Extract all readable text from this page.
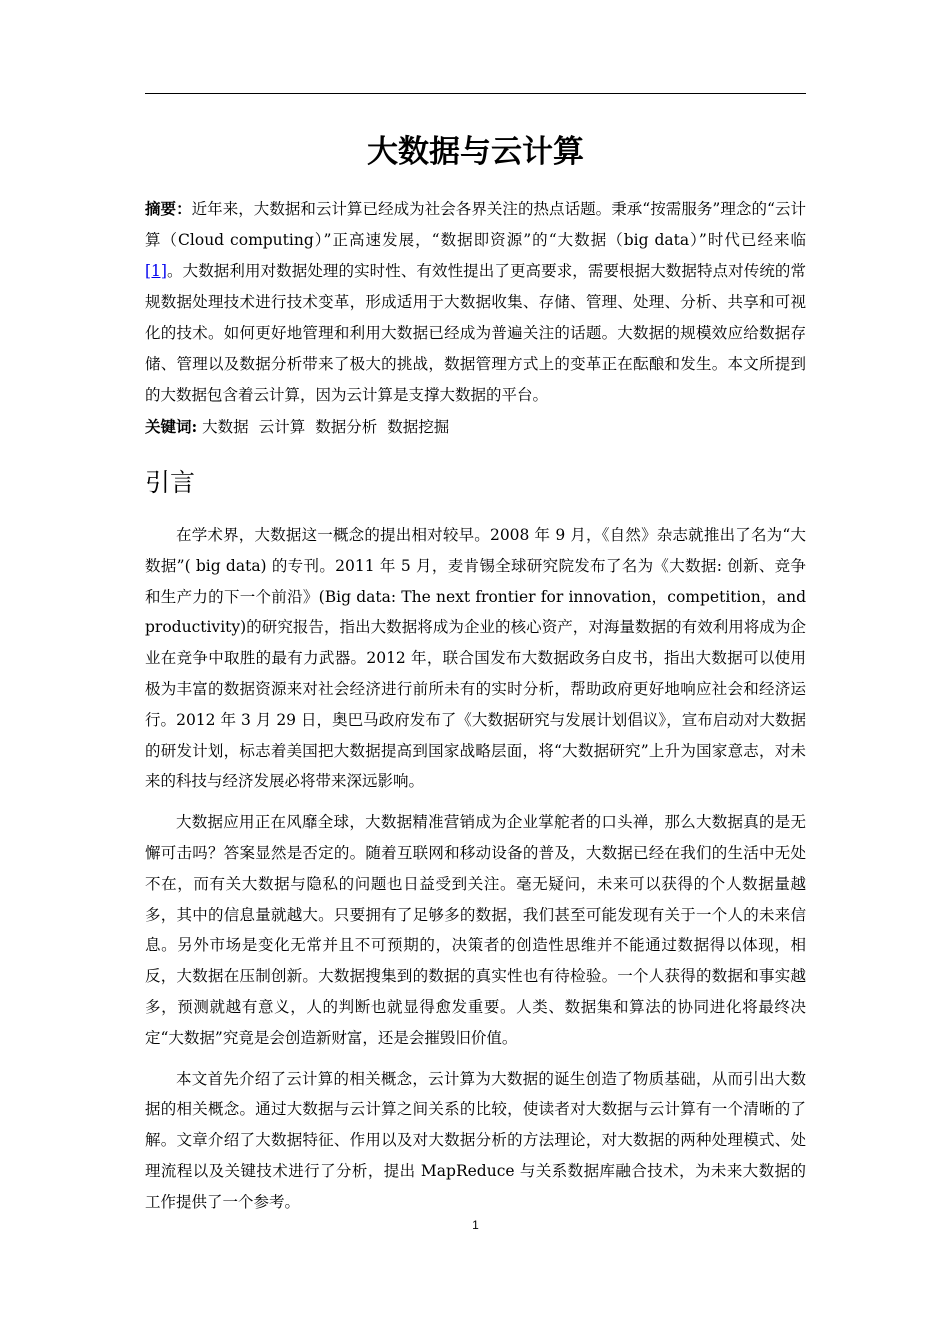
大数据与云计算

摘要：近年来，大数据和云计算已经成为社会各界关注的热点话题。秉承“按需服务”理念的“云计算（Cloud computing）”正高速发展，“数据即资源”的“大数据（big data）”时代已经来临[1]。大数据利用对数据处理的实时性、有效性提出了更高要求，需要根据大数据特点对传统的常规数据处理技术进行技术变革，形成适用于大数据收集、存储、管理、处理、分析、共享和可视化的技术。如何更好地管理和利用大数据已经成为普遍关注的话题。大数据的规模效应给数据存储、管理以及数据分析带来了极大的挑战，数据管理方式上的变革正在酝酿和发生。本文所提到的大数据包含着云计算，因为云计算是支撑大数据的平台。

关键词: 大数据 云计算 数据分析 数据挖掘

引言

在学术界，大数据这一概念的提出相对较早。2008 年 9 月，《自然》杂志就推出了名为“大数据”( big data) 的专刊。2011 年 5 月，麦肯锡全球研究院发布了名为《大数据: 创新、竞争和生产力的下一个前沿》(Big data: The next frontier for innovation，competition，and productivity)的研究报告，指出大数据将成为企业的核心资产，对海量数据的有效利用将成为企业在竞争中取胜的最有力武器。2012 年，联合国发布大数据政务白皮书，指出大数据可以使用极为丰富的数据资源来对社会经济进行前所未有的实时分析，帮助政府更好地响应社会和经济运行。2012 年 3 月 29 日，奥巴马政府发布了《大数据研究与发展计划倡议》，宣布启动对大数据的研发计划，标志着美国把大数据提高到国家战略层面，将“大数据研究”上升为国家意志，对未来的科技与经济发展必将带来深远影响。

大数据应用正在风靡全球，大数据精准营销成为企业掌舵者的口头禅，那么大数据真的是无懈可击吗？答案显然是否定的。随着互联网和移动设备的普及，大数据已经在我们的生活中无处不在，而有关大数据与隐私的问题也日益受到关注。毫无疑问，未来可以获得的个人数据量越多，其中的信息量就越大。只要拥有了足够多的数据，我们甚至可能发现有关于一个人的未来信息。另外市场是变化无常并且不可预期的，决策者的创造性思维并不能通过数据得以体现，相反，大数据在压制创新。大数据搜集到的数据的真实性也有待检验。一个人获得的数据和事实越多，预测就越有意义，人的判断也就显得愈发重要。人类、数据集和算法的协同进化将最终决定“大数据”究竟是会创造新财富，还是会摧毁旧价值。

本文首先介绍了云计算的相关概念，云计算为大数据的诞生创造了物质基础，从而引出大数据的相关概念。通过大数据与云计算之间关系的比较，使读者对大数据与云计算有一个清晰的了解。文章介绍了大数据特征、作用以及对大数据分析的方法理论，对大数据的两种处理模式、处理流程以及关键技术进行了分析，提出 MapReduce 与关系数据库融合技术，为未来大数据的工作提供了一个参考。

1
